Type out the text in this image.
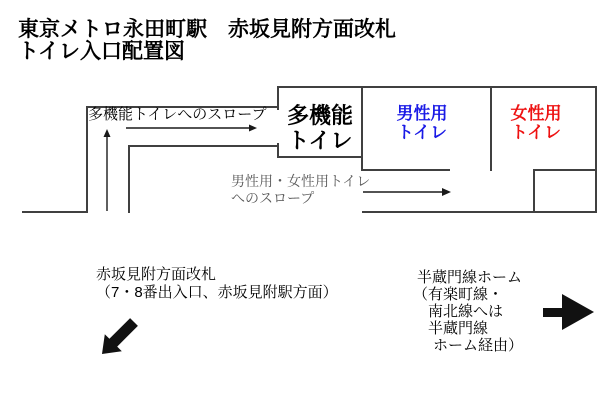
東京メトロ永田町駅　赤坂見附方面改札
トイレ入口配置図
多機能トイレへのスロープ 多機能
トイレ
男性用
トイレ
女性用
トイレ
男性用・女性用トイレ
へのスロープ
赤坂見附方面改札
（7・8番出入口、赤坂見附駅方面）
半蔵門線ホーム
（有楽町線・
南北線へは
半蔵門線
ホーム経由）
